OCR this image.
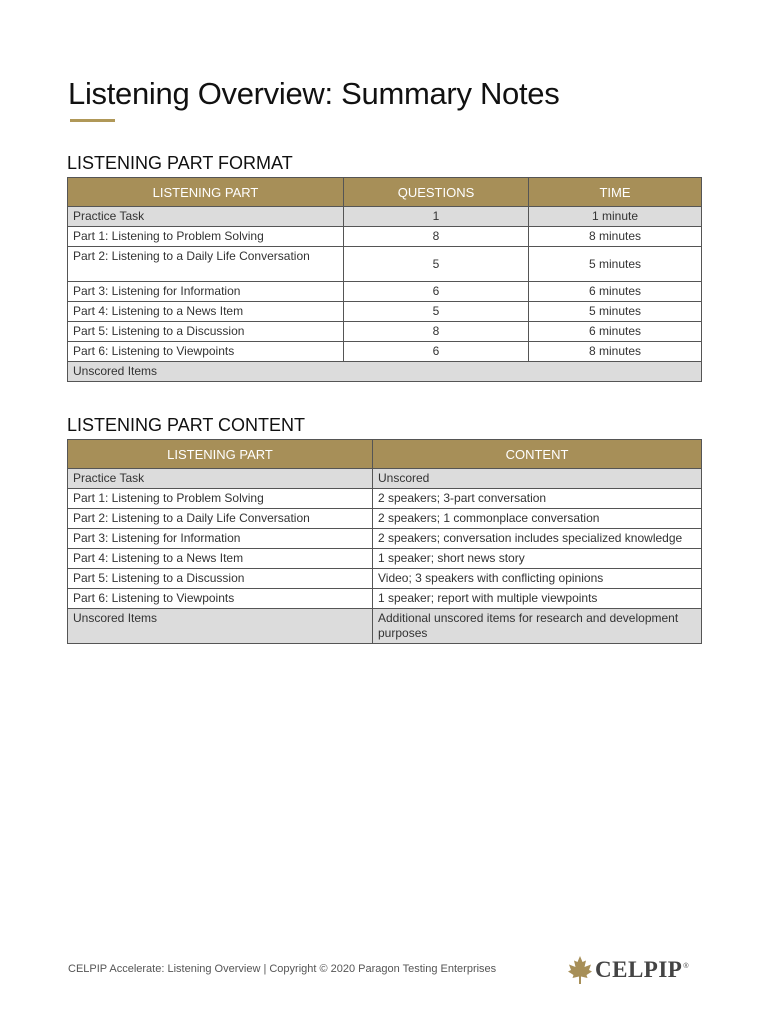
Listening Overview: Summary Notes
LISTENING PART FORMAT
LISTENING PART	QUESTIONS	TIME
Practice Task	1	1 minute
Part 1: Listening to Problem Solving	8	8 minutes
Part 2: Listening to a Daily Life Conversation	5	5 minutes
Part 3: Listening for Information	6	6 minutes
Part 4: Listening to a News Item	5	5 minutes
Part 5: Listening to a Discussion	8	6 minutes
Part 6: Listening to Viewpoints	6	8 minutes
Unscored Items		
LISTENING PART CONTENT
LISTENING PART	CONTENT
Practice Task	Unscored
Part 1: Listening to Problem Solving	2 speakers; 3-part conversation
Part 2: Listening to a Daily Life Conversation	2 speakers; 1 commonplace conversation
Part 3: Listening for Information	2 speakers; conversation includes specialized knowledge
Part 4: Listening to a News Item	1 speaker; short news story
Part 5: Listening to a Discussion	Video; 3 speakers with conflicting opinions
Part 6: Listening to Viewpoints	1 speaker; report with multiple viewpoints
Unscored Items	Additional unscored items for research and development purposes
CELPIP Accelerate: Listening Overview | Copyright © 2020 Paragon Testing Enterprises	CELPIP ®
